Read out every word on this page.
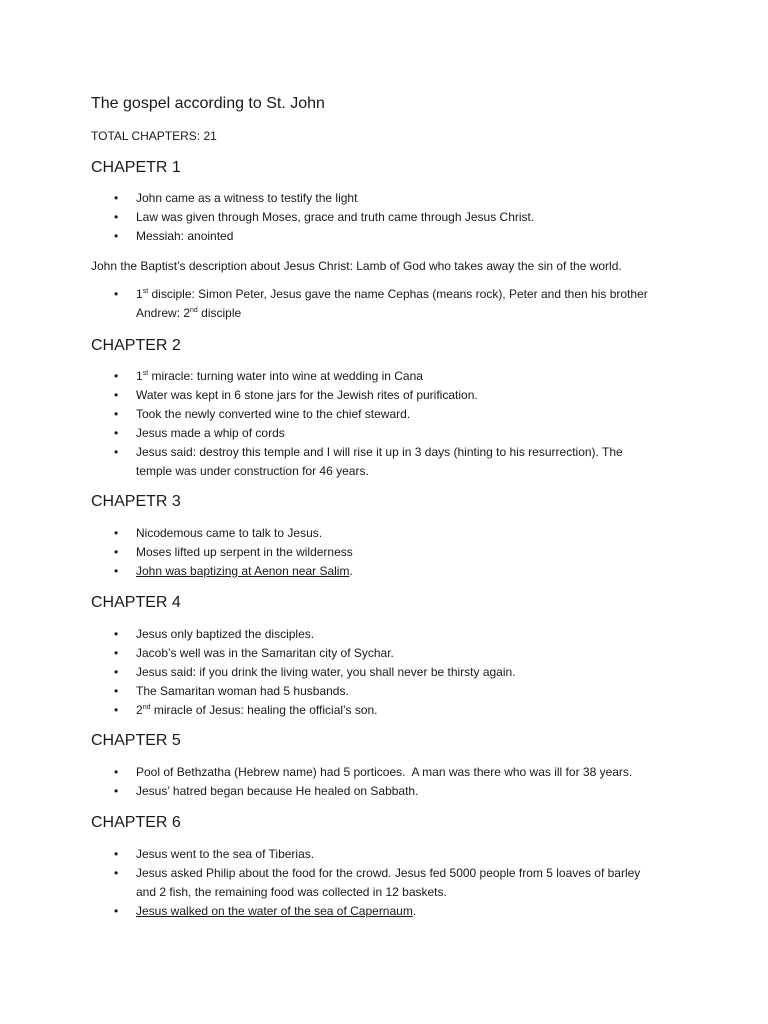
The gospel according to St. John
TOTAL CHAPTERS: 21
CHAPETR 1
• John came as a witness to testify the light
• Law was given through Moses, grace and truth came through Jesus Christ.
• Messiah: anointed
John the Baptist’s description about Jesus Christ: Lamb of God who takes away the sin of the world.
• 1st disciple: Simon Peter, Jesus gave the name Cephas (means rock), Peter and then his brother
Andrew: 2nd disciple
CHAPTER 2
• 1st miracle: turning water into wine at wedding in Cana
• Water was kept in 6 stone jars for the Jewish rites of purification.
• Took the newly converted wine to the chief steward.
• Jesus made a whip of cords
• Jesus said: destroy this temple and I will rise it up in 3 days (hinting to his resurrection). The
temple was under construction for 46 years.
CHAPETR 3
• Nicodemous came to talk to Jesus.
• Moses lifted up serpent in the wilderness
• John was baptizing at Aenon near Salim.
CHAPTER 4
• Jesus only baptized the disciples.
• Jacob’s well was in the Samaritan city of Sychar.
• Jesus said: if you drink the living water, you shall never be thirsty again.
• The Samaritan woman had 5 husbands.
• 2nd miracle of Jesus: healing the official’s son.
CHAPTER 5
• Pool of Bethzatha (Hebrew name) had 5 porticoes.  A man was there who was ill for 38 years.
• Jesus’ hatred began because He healed on Sabbath.
CHAPTER 6
• Jesus went to the sea of Tiberias.
• Jesus asked Philip about the food for the crowd. Jesus fed 5000 people from 5 loaves of barley
and 2 fish, the remaining food was collected in 12 baskets.
• Jesus walked on the water of the sea of Capernaum.
